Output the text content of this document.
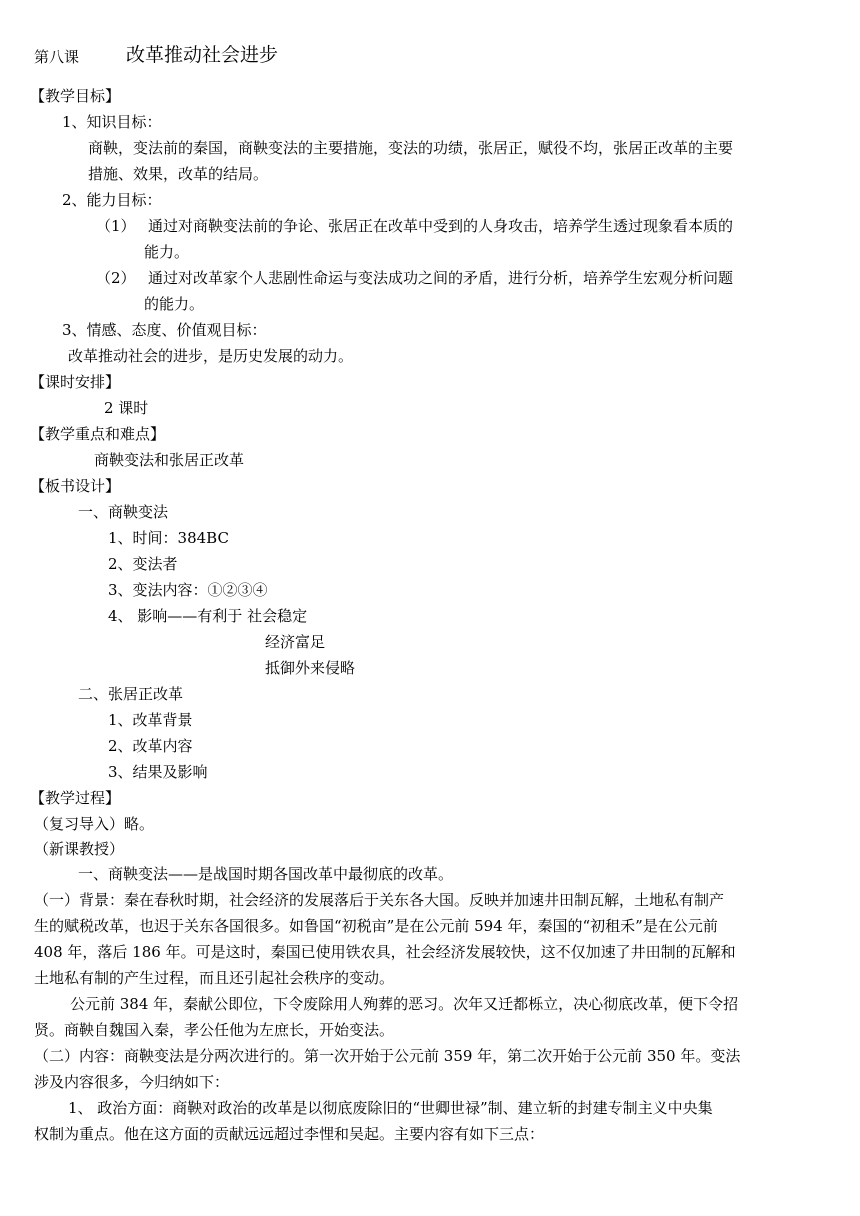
第八课 改革推动社会进步
【教学目标】
1、知识目标：
商鞅，变法前的秦国，商鞅变法的主要措施，变法的功绩，张居正，赋役不均，张居正改革的主要
措施、效果，改革的结局。
2、能力目标：
（1） 通过对商鞅变法前的争论、张居正在改革中受到的人身攻击，培养学生透过现象看本质的
能力。
（2） 通过对改革家个人悲剧性命运与变法成功之间的矛盾，进行分析，培养学生宏观分析问题
的能力。
3、情感、态度、价值观目标：
改革推动社会的进步，是历史发展的动力。
【课时安排】
2 课时
【教学重点和难点】
商鞅变法和张居正改革
【板书设计】
一、商鞅变法
1、时间：384BC
2、变法者
3、变法内容：①②③④
4、 影响——有利于 社会稳定
经济富足
抵御外来侵略
二、张居正改革
1、改革背景
2、改革内容
3、结果及影响
【教学过程】
（复习导入）略。
（新课教授）
一、商鞅变法——是战国时期各国改革中最彻底的改革。
（一）背景：秦在春秋时期，社会经济的发展落后于关东各大国。反映并加速井田制瓦解，土地私有制产
生的赋税改革，也迟于关东各国很多。如鲁国“初税亩”是在公元前 594 年，秦国的“初租禾”是在公元前
408 年，落后 186 年。可是这时，秦国已使用铁农具，社会经济发展较快，这不仅加速了井田制的瓦解和
土地私有制的产生过程，而且还引起社会秩序的变动。
公元前 384 年，秦献公即位，下令废除用人殉葬的恶习。次年又迁都栎立，决心彻底改革，便下令招
贤。商鞅自魏国入秦，孝公任他为左庶长，开始变法。
（二）内容：商鞅变法是分两次进行的。第一次开始于公元前 359 年，第二次开始于公元前 350 年。变法
涉及内容很多，今归纳如下：
1、 政治方面：商鞅对政治的改革是以彻底废除旧的“世卿世禄”制、建立斩的封建专制主义中央集
权制为重点。他在这方面的贡献远远超过李悝和吴起。主要内容有如下三点：
